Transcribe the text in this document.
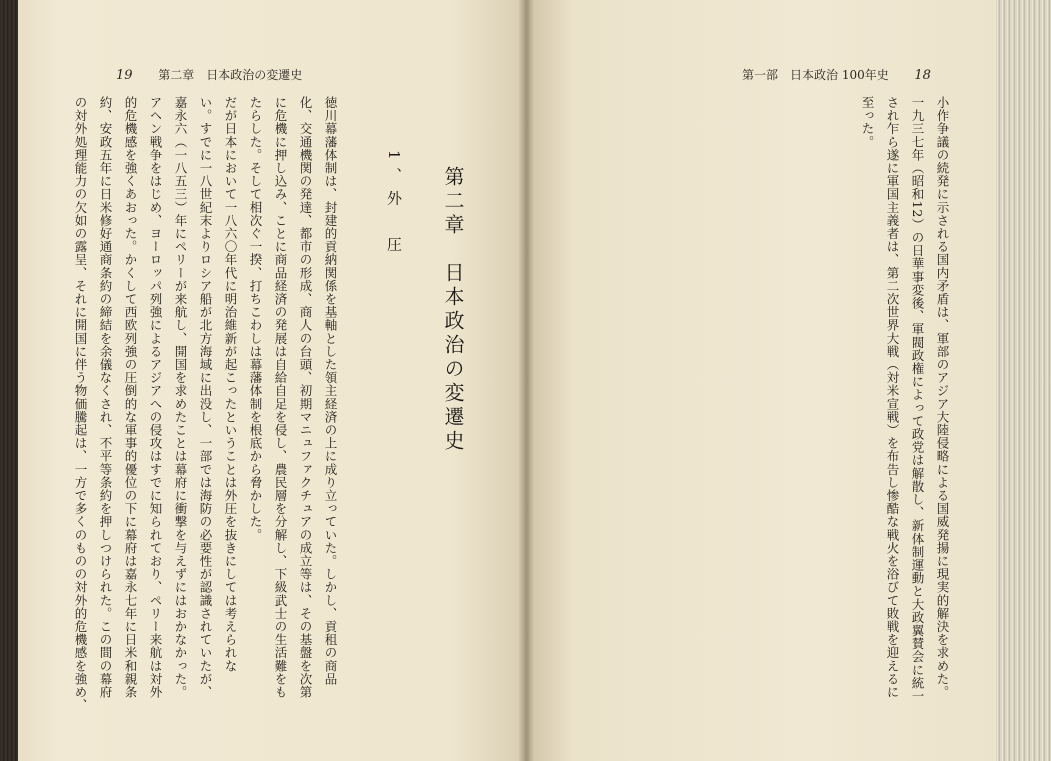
19 第二章　日本政治の変遷史
第二章　日本政治の変遷史
1、外　圧
徳川幕藩体制は、封建的貢納関係を基軸とした領主経済の上に成り立っていた。しかし、貢租の商品
化、交通機関の発達、都市の形成、商人の台頭、初期マニュファクチュアの成立等は、その基盤を次第
に危機に押し込み、ことに商品経済の発展は自給自足を侵し、農民層を分解し、下級武士の生活難をも
たらした。そして相次ぐ一揆、打ちこわしは幕藩体制を根底から脅かした。
だが日本において一八六〇年代に明治維新が起こったということは外圧を抜きにしては考えられな
い。すでに一八世紀末よりロシア船が北方海域に出没し、一部では海防の必要性が認識されていたが、
嘉永六（一八五三）年にペリーが来航し、開国を求めたことは幕府に衝撃を与えずにはおかなかった。
アヘン戦争をはじめ、ヨーロッパ列強によるアジアへの侵攻はすでに知られており、ペリー来航は対外
的危機感を強くあおった。かくして西欧列強の圧倒的な軍事的優位の下に幕府は嘉永七年に日米和親条
約、安政五年に日米修好通商条約の締結を余儀なくされ、不平等条約を押しつけられた。この間の幕府
の対外処理能力の欠如の露呈、それに開国に伴う物価騰起は、一方で多くのものの対外的危機感を強め、
第一部　日本政治 100年史 18

小作争議の続発に示される国内矛盾は、軍部のアジア大陸侵略による国威発揚に現実的解決を求めた。
一九三七年（昭和12）の日華事変後、軍閥政権によって政党は解散し、新体制運動と大政翼賛会に統一
され乍ら遂に軍国主義者は、第二次世界大戦（対米宣戦）を布告し惨酷な戦火を浴びて敗戦を迎えるに
至った。
